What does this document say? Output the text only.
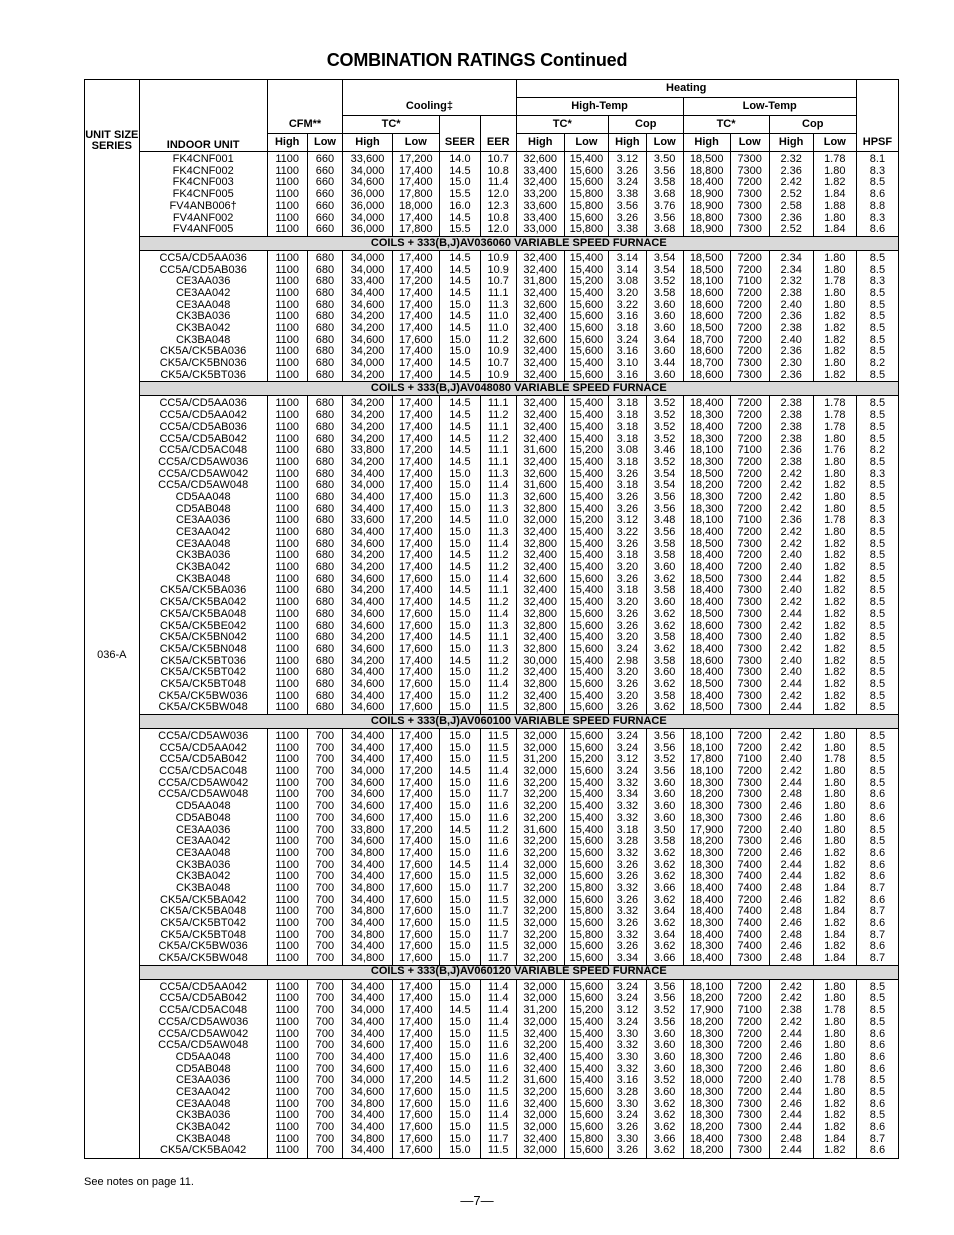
COMBINATION RATINGS Continued
								Heating								
				Cooling‡				High-Temp				Low-Temp				
UNIT SIZE SERIES	INDOOR UNIT	CFM**		TC*				TC*		Cop		TC*		Cop		
		High	Low	High	Low	SEER	EER	High	Low	High	Low	High	Low	High	Low	HPSF
036-A	FK4CNF001	1100	660	33,600	17,200	14.0	10.7	32,600	15,400	3.12	3.50	18,500	7300	2.32	1.78	8.1
	FK4CNF002	1100	660	34,000	17,400	14.5	10.8	33,400	15,600	3.26	3.56	18,800	7300	2.36	1.80	8.3
	FK4CNF003	1100	660	34,600	17,400	15.0	11.4	32,400	15,600	3.24	3.58	18,400	7200	2.42	1.82	8.5
	FK4CNF005	1100	660	36,000	17,800	15.5	12.0	33,200	15,800	3.38	3.68	18,900	7300	2.52	1.84	8.6
	FV4ANB006†	1100	660	36,000	18,000	16.0	12.3	33,600	15,800	3.56	3.76	18,900	7300	2.58	1.88	8.8
	FV4ANF002	1100	660	34,000	17,400	14.5	10.8	33,400	15,600	3.26	3.56	18,800	7300	2.36	1.80	8.3
	FV4ANF005	1100	660	36,000	17,800	15.5	12.0	33,000	15,800	3.38	3.68	18,900	7300	2.52	1.84	8.6
	COILS + 333(B,J)AV036060 VARIABLE SPEED FURNACE															
	CC5A/CD5AA036	1100	680	34,000	17,400	14.5	10.9	32,400	15,400	3.14	3.54	18,500	7200	2.34	1.80	8.5
	CC5A/CD5AB036	1100	680	34,000	17,400	14.5	10.9	32,400	15,400	3.14	3.54	18,500	7200	2.34	1.80	8.5
	CE3AA036	1100	680	33,400	17,200	14.5	10.7	31,800	15,200	3.08	3.52	18,100	7100	2.32	1.78	8.3
	CE3AA042	1100	680	34,400	17,400	14.5	11.1	32,400	15,400	3.20	3.58	18,600	7200	2.38	1.80	8.5
	CE3AA048	1100	680	34,600	17,400	15.0	11.3	32,600	15,600	3.22	3.60	18,600	7200	2.40	1.80	8.5
	CK3BA036	1100	680	34,200	17,400	14.5	11.0	32,400	15,600	3.16	3.60	18,600	7200	2.36	1.82	8.5
	CK3BA042	1100	680	34,200	17,400	14.5	11.0	32,400	15,600	3.18	3.60	18,500	7200	2.38	1.82	8.5
	CK3BA048	1100	680	34,600	17,600	15.0	11.2	32,600	15,600	3.24	3.64	18,700	7200	2.40	1.82	8.5
	CK5A/CK5BA036	1100	680	34,200	17,400	15.0	10.9	32,400	15,600	3.16	3.60	18,600	7200	2.36	1.82	8.5
	CK5A/CK5BN036	1100	680	34,000	17,400	14.5	10.7	32,400	15,400	3.10	3.44	18,700	7300	2.30	1.80	8.2
	CK5A/CK5BT036	1100	680	34,200	17,400	14.5	10.9	32,400	15,600	3.16	3.60	18,600	7300	2.36	1.82	8.5
	COILS + 333(B,J)AV048080 VARIABLE SPEED FURNACE															
	CC5A/CD5AA036	1100	680	34,200	17,400	14.5	11.1	32,400	15,400	3.18	3.52	18,400	7200	2.38	1.78	8.5
	CC5A/CD5AA042	1100	680	34,200	17,400	14.5	11.2	32,400	15,400	3.18	3.52	18,300	7200	2.38	1.78	8.5
	CC5A/CD5AB036	1100	680	34,200	17,400	14.5	11.1	32,400	15,400	3.18	3.52	18,400	7200	2.38	1.78	8.5
	CC5A/CD5AB042	1100	680	34,200	17,400	14.5	11.2	32,400	15,400	3.18	3.52	18,300	7200	2.38	1.80	8.5
	CC5A/CD5AC048	1100	680	33,800	17,200	14.5	11.1	31,600	15,200	3.08	3.46	18,100	7100	2.36	1.76	8.2
	CC5A/CD5AW036	1100	680	34,200	17,400	14.5	11.1	32,400	15,400	3.18	3.52	18,300	7200	2.38	1.80	8.5
	CC5A/CD5AW042	1100	680	34,400	17,400	15.0	11.3	32,600	15,400	3.26	3.54	18,500	7200	2.42	1.80	8.3
	CC5A/CD5AW048	1100	680	34,000	17,400	15.0	11.4	31,600	15,400	3.18	3.54	18,200	7200	2.42	1.82	8.5
	CD5AA048	1100	680	34,400	17,400	15.0	11.3	32,600	15,400	3.26	3.56	18,300	7200	2.42	1.80	8.5
	CD5AB048	1100	680	34,400	17,400	15.0	11.3	32,800	15,400	3.26	3.56	18,300	7200	2.42	1.80	8.5
	CE3AA036	1100	680	33,600	17,200	14.5	11.0	32,000	15,200	3.12	3.48	18,100	7100	2.36	1.78	8.3
	CE3AA042	1100	680	34,400	17,400	15.0	11.3	32,400	15,400	3.22	3.56	18,400	7200	2.42	1.80	8.5
	CE3AA048	1100	680	34,600	17,400	15.0	11.4	32,800	15,400	3.26	3.58	18,500	7300	2.42	1.82	8.5
	CK3BA036	1100	680	34,200	17,400	14.5	11.2	32,400	15,400	3.18	3.58	18,400	7200	2.40	1.82	8.5
	CK3BA042	1100	680	34,200	17,400	14.5	11.2	32,400	15,400	3.20	3.60	18,400	7200	2.40	1.82	8.5
	CK3BA048	1100	680	34,600	17,600	15.0	11.4	32,600	15,600	3.26	3.62	18,500	7300	2.44	1.82	8.5
	CK5A/CK5BA036	1100	680	34,200	17,400	14.5	11.1	32,400	15,400	3.18	3.58	18,400	7300	2.40	1.82	8.5
	CK5A/CK5BA042	1100	680	34,400	17,400	14.5	11.2	32,400	15,400	3.20	3.60	18,400	7300	2.42	1.82	8.5
	CK5A/CK5BA048	1100	680	34,600	17,600	15.0	11.4	32,800	15,600	3.26	3.62	18,500	7300	2.44	1.82	8.5
	CK5A/CK5BE042	1100	680	34,600	17,600	15.0	11.3	32,800	15,600	3.26	3.62	18,600	7300	2.42	1.82	8.5
	CK5A/CK5BN042	1100	680	34,200	17,400	14.5	11.1	32,400	15,400	3.20	3.58	18,400	7300	2.40	1.82	8.5
	CK5A/CK5BN048	1100	680	34,600	17,600	15.0	11.3	32,800	15,600	3.24	3.62	18,400	7300	2.42	1.82	8.5
	CK5A/CK5BT036	1100	680	34,200	17,400	14.5	11.2	30,000	15,400	2.98	3.58	18,600	7300	2.40	1.82	8.5
	CK5A/CK5BT042	1100	680	34,400	17,400	15.0	11.2	32,400	15,400	3.20	3.60	18,400	7300	2.40	1.82	8.5
	CK5A/CK5BT048	1100	680	34,600	17,600	15.0	11.4	32,800	15,600	3.26	3.62	18,500	7300	2.44	1.82	8.5
	CK5A/CK5BW036	1100	680	34,400	17,400	15.0	11.2	32,400	15,400	3.20	3.58	18,400	7300	2.42	1.82	8.5
	CK5A/CK5BW048	1100	680	34,600	17,600	15.0	11.5	32,800	15,600	3.26	3.62	18,500	7300	2.44	1.82	8.5
	COILS + 333(B,J)AV060100 VARIABLE SPEED FURNACE															
	CC5A/CD5AW036	1100	700	34,400	17,400	15.0	11.5	32,000	15,600	3.24	3.56	18,100	7200	2.42	1.80	8.5
	CC5A/CD5AA042	1100	700	34,400	17,400	15.0	11.5	32,000	15,600	3.24	3.56	18,100	7200	2.42	1.80	8.5
	CC5A/CD5AB042	1100	700	34,400	17,400	15.0	11.5	31,200	15,200	3.12	3.52	17,800	7100	2.40	1.78	8.5
	CC5A/CD5AC048	1100	700	34,000	17,200	14.5	11.4	32,000	15,600	3.24	3.56	18,100	7200	2.42	1.80	8.5
	CC5A/CD5AW042	1100	700	34,600	17,400	15.0	11.6	32,200	15,400	3.32	3.60	18,300	7300	2.44	1.80	8.5
	CC5A/CD5AW048	1100	700	34,600	17,400	15.0	11.7	32,200	15,400	3.34	3.60	18,200	7300	2.48	1.80	8.6
	CD5AA048	1100	700	34,600	17,400	15.0	11.6	32,200	15,400	3.32	3.60	18,300	7300	2.46	1.80	8.6
	CD5AB048	1100	700	34,600	17,400	15.0	11.6	32,200	15,400	3.32	3.60	18,300	7300	2.46	1.80	8.6
	CE3AA036	1100	700	33,800	17,200	14.5	11.2	31,600	15,400	3.18	3.50	17,900	7200	2.40	1.80	8.5
	CE3AA042	1100	700	34,600	17,400	15.0	11.6	32,200	15,600	3.28	3.58	18,200	7300	2.46	1.80	8.5
	CE3AA048	1100	700	34,800	17,400	15.0	11.6	32,200	15,600	3.32	3.62	18,300	7200	2.46	1.82	8.6
	CK3BA036	1100	700	34,400	17,600	14.5	11.4	32,000	15,600	3.26	3.62	18,300	7400	2.44	1.82	8.6
	CK3BA042	1100	700	34,400	17,600	15.0	11.5	32,000	15,600	3.26	3.62	18,300	7400	2.44	1.82	8.6
	CK3BA048	1100	700	34,800	17,600	15.0	11.7	32,200	15,800	3.32	3.66	18,400	7400	2.48	1.84	8.7
	CK5A/CK5BA042	1100	700	34,400	17,600	15.0	11.5	32,000	15,600	3.26	3.62	18,400	7200	2.46	1.82	8.6
	CK5A/CK5BA048	1100	700	34,800	17,600	15.0	11.7	32,200	15,800	3.32	3.64	18,400	7400	2.48	1.84	8.7
	CK5A/CK5BT042	1100	700	34,400	17,600	15.0	11.5	32,000	15,600	3.26	3.62	18,300	7400	2.46	1.82	8.6
	CK5A/CK5BT048	1100	700	34,800	17,600	15.0	11.7	32,200	15,800	3.32	3.64	18,400	7400	2.48	1.84	8.7
	CK5A/CK5BW036	1100	700	34,400	17,600	15.0	11.5	32,000	15,600	3.26	3.62	18,300	7400	2.46	1.82	8.6
	CK5A/CK5BW048	1100	700	34,800	17,600	15.0	11.7	32,200	15,600	3.34	3.66	18,400	7300	2.48	1.84	8.7
	COILS + 333(B,J)AV060120 VARIABLE SPEED FURNACE															
	CC5A/CD5AA042	1100	700	34,400	17,400	15.0	11.4	32,000	15,600	3.24	3.56	18,100	7200	2.42	1.80	8.5
	CC5A/CD5AB042	1100	700	34,400	17,400	15.0	11.4	32,000	15,600	3.24	3.56	18,200	7200	2.42	1.80	8.5
	CC5A/CD5AC048	1100	700	34,000	17,400	14.5	11.4	31,200	15,200	3.12	3.52	17,900	7100	2.38	1.78	8.5
	CC5A/CD5AW036	1100	700	34,400	17,400	15.0	11.4	32,000	15,400	3.24	3.56	18,200	7200	2.42	1.80	8.5
	CC5A/CD5AW042	1100	700	34,400	17,400	15.0	11.5	32,400	15,400	3.30	3.60	18,300	7200	2.44	1.80	8.6
	CC5A/CD5AW048	1100	700	34,600	17,400	15.0	11.6	32,200	15,400	3.32	3.60	18,300	7200	2.46	1.80	8.6
	CD5AA048	1100	700	34,400	17,400	15.0	11.6	32,400	15,400	3.30	3.60	18,300	7200	2.46	1.80	8.6
	CD5AB048	1100	700	34,600	17,400	15.0	11.6	32,400	15,400	3.32	3.60	18,300	7200	2.46	1.80	8.6
	CE3AA036	1100	700	34,000	17,200	14.5	11.2	31,600	15,400	3.16	3.52	18,000	7200	2.40	1.78	8.5
	CE3AA042	1100	700	34,600	17,600	15.0	11.5	32,200	15,600	3.28	3.60	18,300	7200	2.44	1.80	8.5
	CE3AA048	1100	700	34,800	17,600	15.0	11.6	32,400	15,600	3.30	3.62	18,300	7300	2.46	1.82	8.6
	CK3BA036	1100	700	34,400	17,600	15.0	11.4	32,000	15,600	3.24	3.62	18,300	7300	2.44	1.82	8.5
	CK3BA042	1100	700	34,400	17,600	15.0	11.5	32,000	15,600	3.26	3.62	18,200	7300	2.44	1.82	8.6
	CK3BA048	1100	700	34,800	17,600	15.0	11.7	32,400	15,800	3.30	3.66	18,400	7300	2.48	1.84	8.7
	CK5A/CK5BA042	1100	700	34,400	17,600	15.0	11.5	32,000	15,600	3.26	3.62	18,200	7300	2.44	1.82	8.6
See notes on page 11.
—7—
